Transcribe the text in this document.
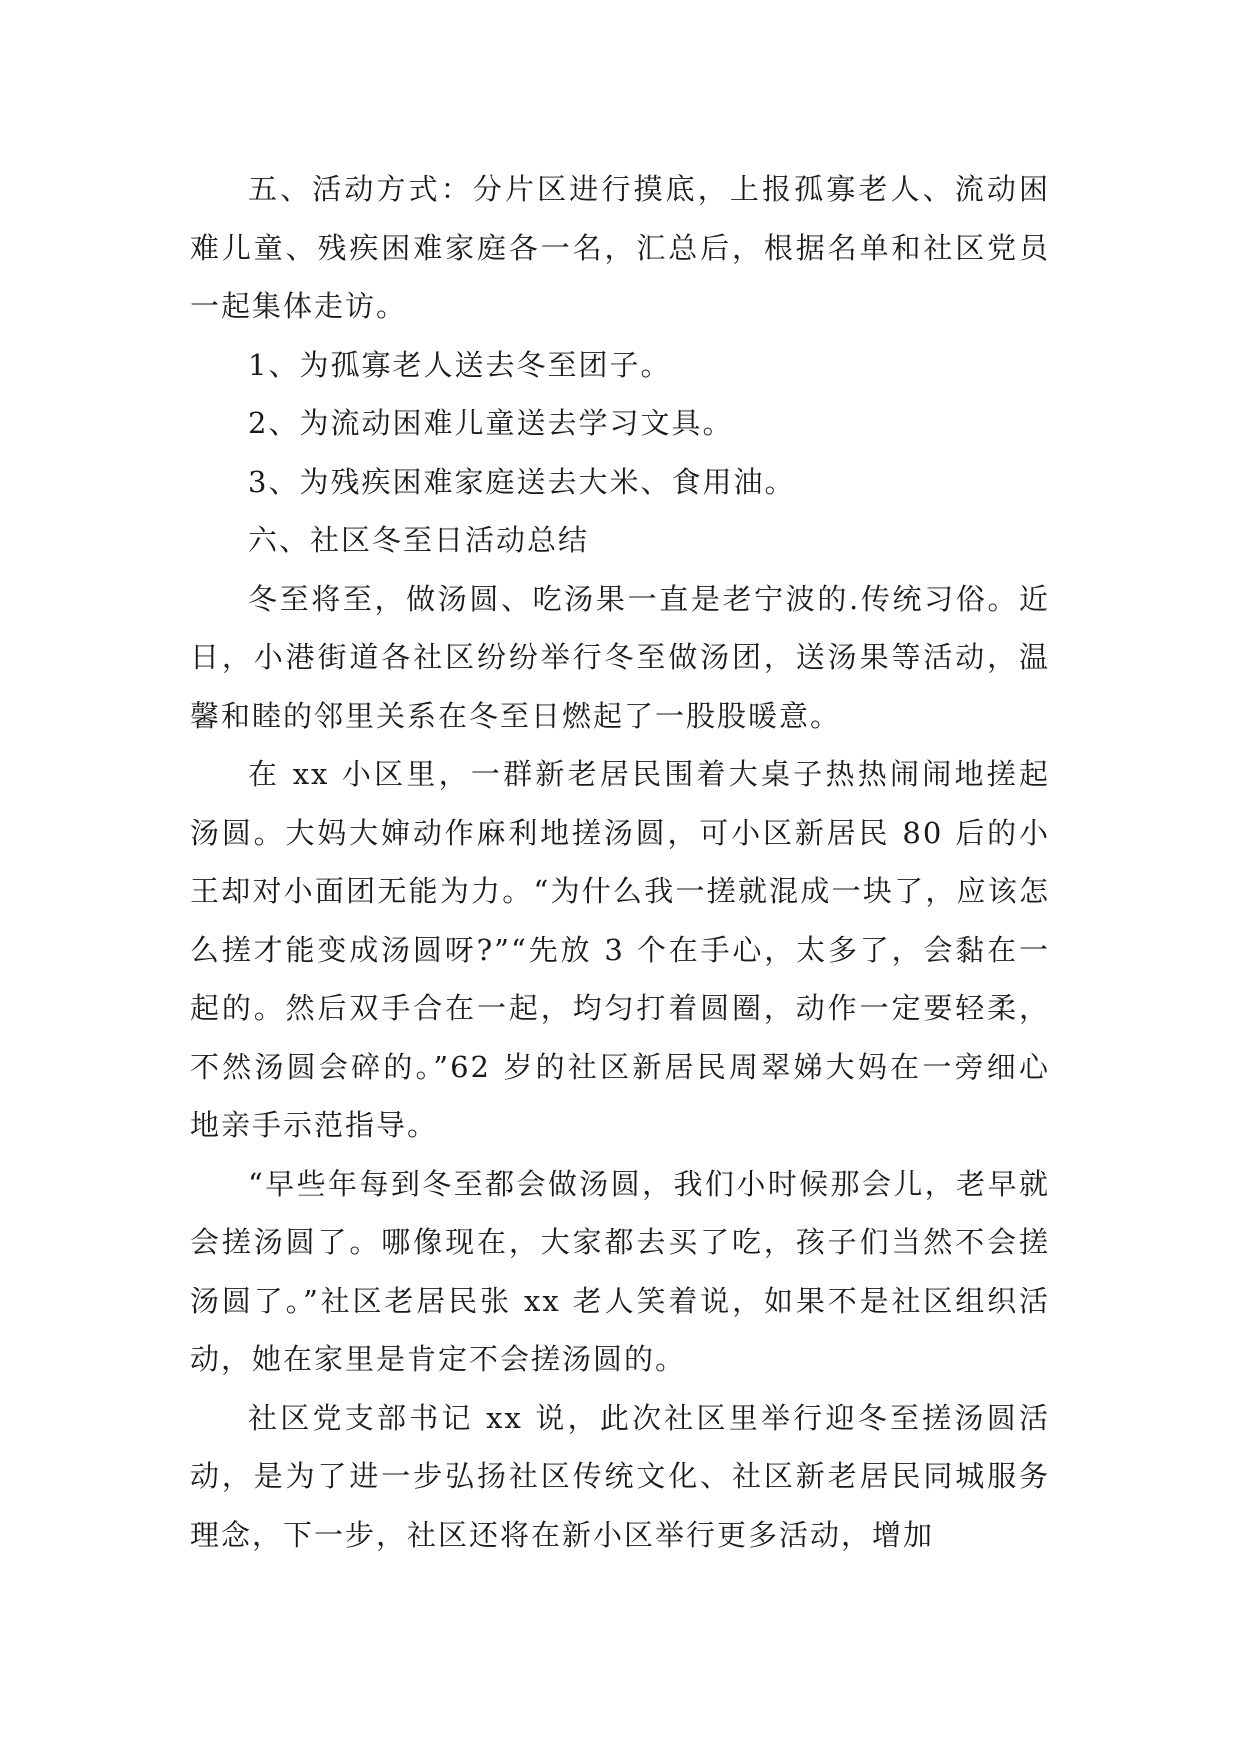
五、活动方式：分片区进行摸底，上报孤寡老人、流动困难儿童、残疾困难家庭各一名，汇总后，根据名单和社区党员一起集体走访。

1、为孤寡老人送去冬至团子。

2、为流动困难儿童送去学习文具。

3、为残疾困难家庭送去大米、食用油。

六、社区冬至日活动总结

冬至将至，做汤圆、吃汤果一直是老宁波的.传统习俗。近日，小港街道各社区纷纷举行冬至做汤团，送汤果等活动，温馨和睦的邻里关系在冬至日燃起了一股股暖意。

在 xx 小区里，一群新老居民围着大桌子热热闹闹地搓起汤圆。大妈大婶动作麻利地搓汤圆，可小区新居民 80 后的小王却对小面团无能为力。“为什么我一搓就混成一块了，应该怎么搓才能变成汤圆呀?”“先放 3 个在手心，太多了，会黏在一起的。然后双手合在一起，均匀打着圆圈，动作一定要轻柔，不然汤圆会碎的。”62 岁的社区新居民周翠娣大妈在一旁细心地亲手示范指导。

“早些年每到冬至都会做汤圆，我们小时候那会儿，老早就会搓汤圆了。哪像现在，大家都去买了吃，孩子们当然不会搓汤圆了。”社区老居民张 xx 老人笑着说，如果不是社区组织活动，她在家里是肯定不会搓汤圆的。

社区党支部书记 xx 说，此次社区里举行迎冬至搓汤圆活动，是为了进一步弘扬社区传统文化、社区新老居民同城服务理念，下一步，社区还将在新小区举行更多活动，增加
